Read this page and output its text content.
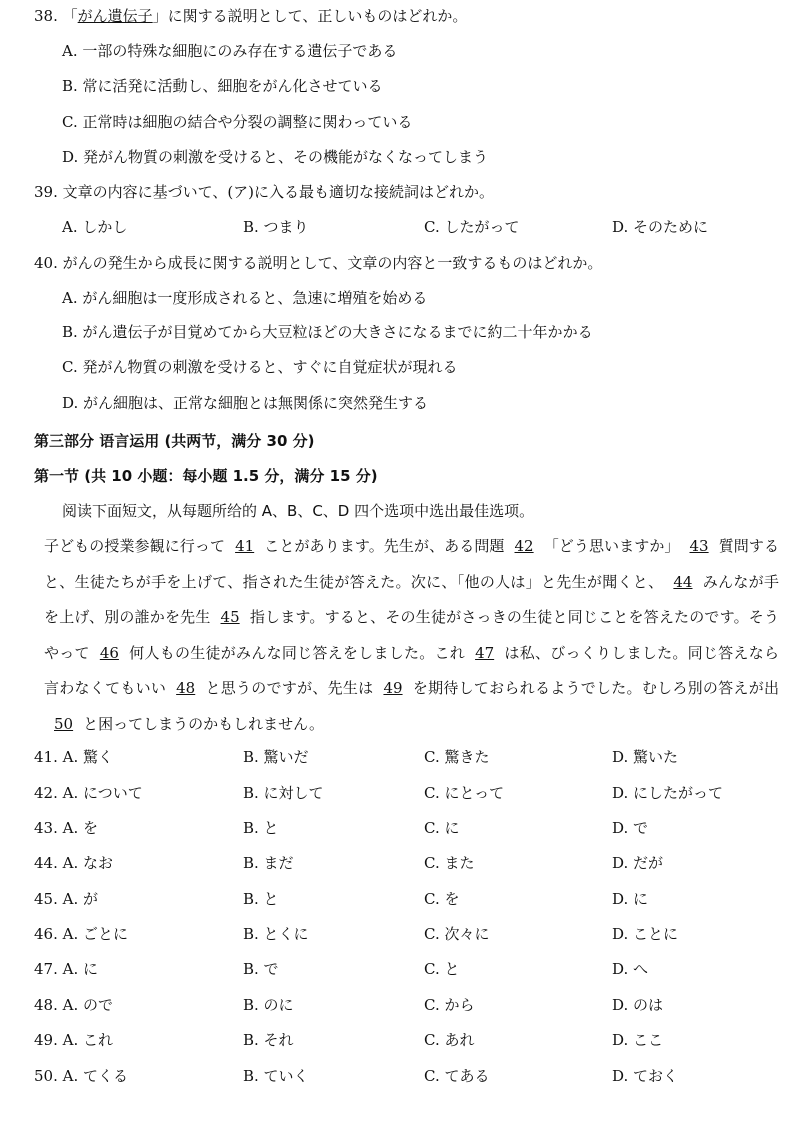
38. 「がん遺伝子」に関する説明として、正しいものはどれか。
A. 一部の特殊な細胞にのみ存在する遺伝子である
B. 常に活発に活動し、細胞をがん化させている
C. 正常時は細胞の結合や分裂の調整に関わっている
D. 発がん物質の刺激を受けると、その機能がなくなってしまう
39. 文章の内容に基づいて、(ア)に入る最も適切な接続詞はどれか。
A. しかし	B. つまり	C. したがって	D. そのために
40. がんの発生から成長に関する説明として、文章の内容と一致するものはどれか。
A. がん細胞は一度形成されると、急速に増殖を始める
B. がん遺伝子が目覚めてから大豆粒ほどの大きさになるまでに約二十年かかる
C. 発がん物質の刺激を受けると、すぐに自覚症状が現れる
D. がん細胞は、正常な細胞とは無関係に突然発生する
第三部分 语言运用 (共两节，满分 30 分)
第一节 (共 10 小题：每小题 1.5 分，满分 15 分)
阅读下面短文，从每题所给的 A、B、C、D 四个选项中选出最佳选项。
子どもの授業参観に行って 41 ことがあります。先生が、ある問題 42 「どう思いますか」 43 質問すると、生徒たちが手を上げて、指された生徒が答えた。次に、「他の人は」と先生が聞くと、 44 みんなが手を上げ、別の誰かを先生 45 指します。すると、その生徒がさっきの生徒と同じことを答えたのです。そうやって 46 何人もの生徒がみんな同じ答えをしました。これ 47 は私、びっくりしました。同じ答えなら言わなくてもいい 48 と思うのですが、先生は 49 を期待しておられるようでした。むしろ別の答えが出50 と困ってしまうのかもしれません。
41. A. 驚く	B. 驚いだ	C. 驚きた	D. 驚いた
42. A. について	B. に対して	C. にとって	D. にしたがって
43. A. を	B. と	C. に	D. で
44. A. なお	B. まだ	C. また	D. だが
45. A. が	B. と	C. を	D. に
46. A. ごとに	B. とくに	C. 次々に	D. ことに
47. A. に	B. で	C. と	D. へ
48. A. ので	B. のに	C. から	D. のは
49. A. これ	B. それ	C. あれ	D. ここ
50. A. てくる	B. ていく	C. てある	D. ておく
